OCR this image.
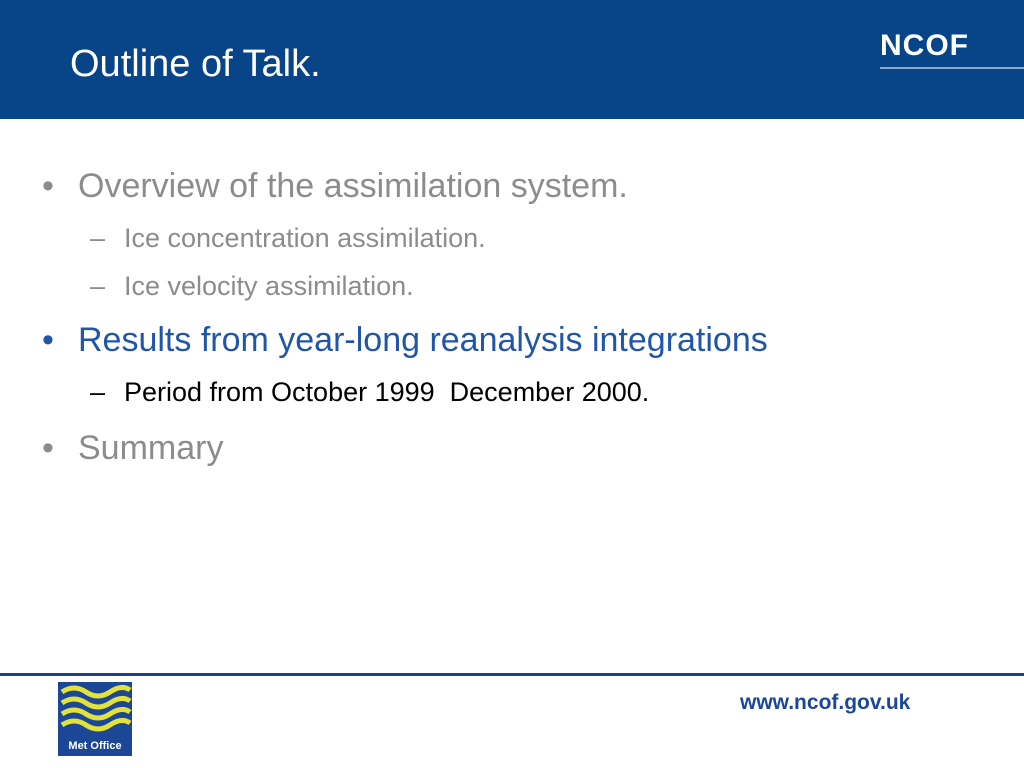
Outline of Talk.	NCOF
• Overview of the assimilation system.
– Ice concentration assimilation.
– Ice velocity assimilation.
• Results from year-long reanalysis integrations
– Period from October 1999  December 2000.
• Summary
Met Office
www.ncof.gov.uk
